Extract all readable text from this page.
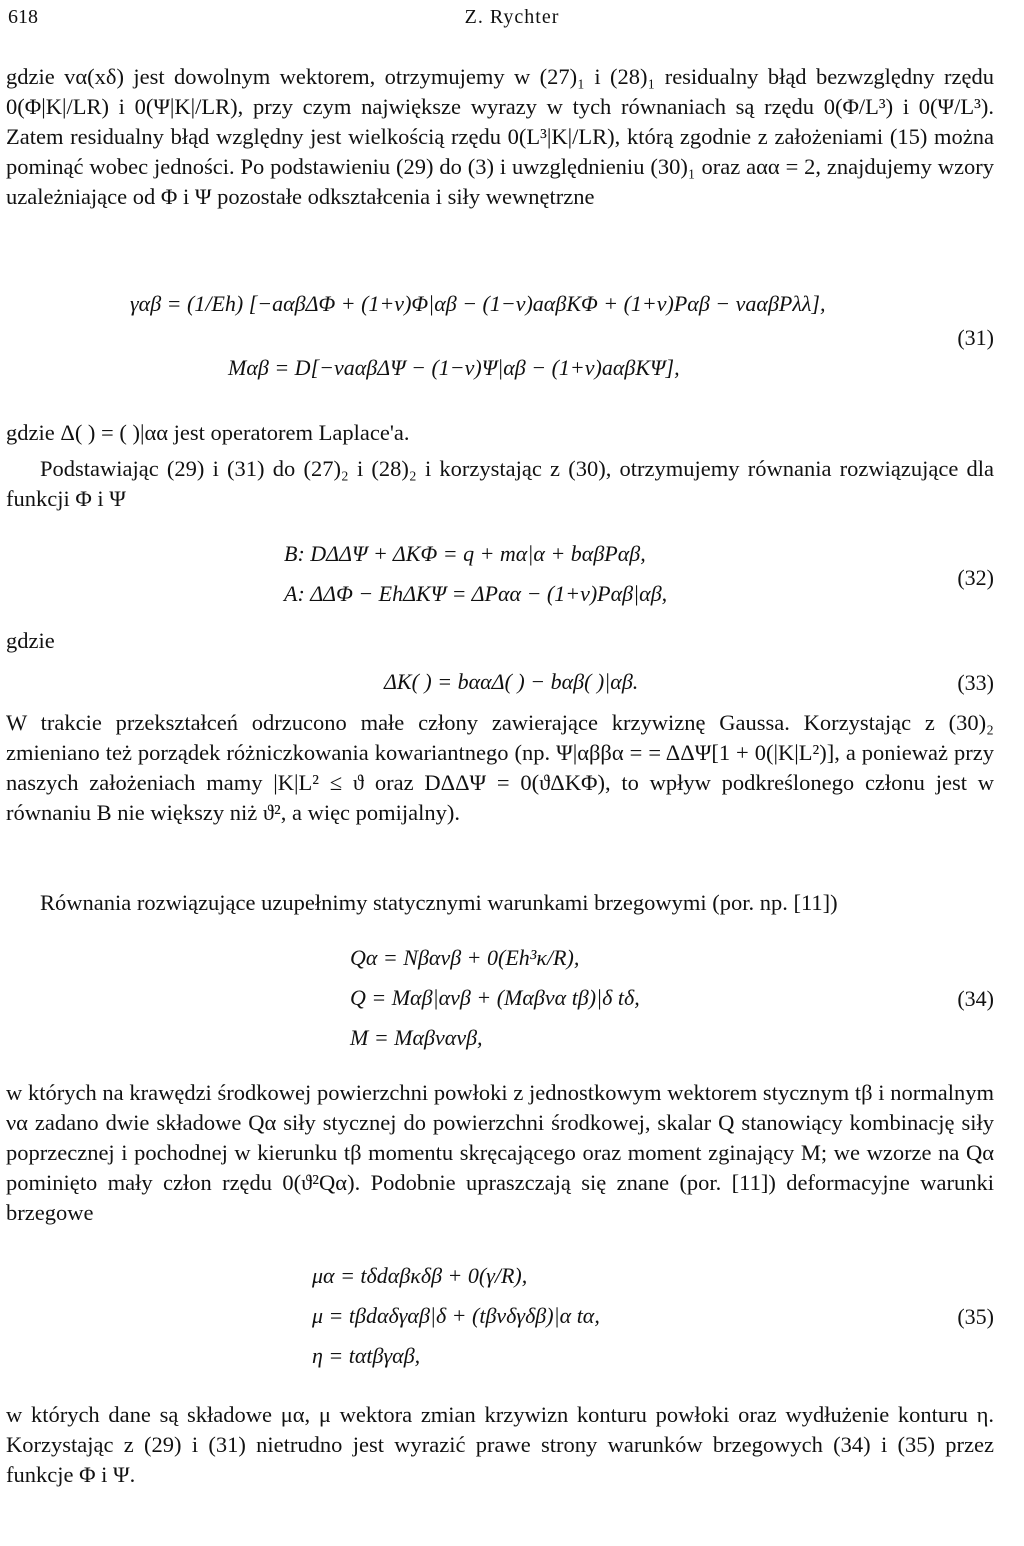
618	Z. Rychter

gdzie vα(xδ) jest dowolnym wektorem, otrzymujemy w (27)₁ i (28)₁ residualny błąd bezwzględny rzędu 0(Φ|K|/LR) i 0(Ψ|K|/LR), przy czym największe wyrazy w tych równaniach są rzędu 0(Φ/L³) i 0(Ψ/L³). Zatem residualny błąd względny jest wielkością rzędu 0(L³|K|/LR), którą zgodnie z założeniami (15) można pominąć wobec jedności. Po podstawieniu (29) do (3) i uwzględnieniu (30)₁ oraz aαα = 2, znajdujemy wzory uzależniające od Φ i Ψ pozostałe odkształcenia i siły wewnętrzne

γαβ = (1/Eh) [−aαβΔΦ + (1+ν)Φ|αβ − (1−ν)aαβKΦ + (1+ν)Pαβ − νaαβPλλ],
Mαβ = D[−νaαβΔΨ − (1−ν)Ψ|αβ − (1+ν)aαβKΨ],
(31)

gdzie Δ( ) = ( )|αα jest operatorem Laplace'a.

Podstawiając (29) i (31) do (27)₂ i (28)₂ i korzystając z (30), otrzymujemy równania rozwiązujące dla funkcji Φ i Ψ

B: DΔΔΨ + ΔKΦ = q + mα|α + bαβPαβ,
A: ΔΔΦ − EhΔKΨ = ΔPαα − (1+ν)Pαβ|αβ,
(32)
gdzie
ΔK( ) = bααΔ( ) − bαβ( )|αβ.	(33)

W trakcie przekształceń odrzucono małe człony zawierające krzywiznę Gaussa. Korzystając z (30)₂ zmieniano też porządek różniczkowania kowariantnego (np. Ψ|αββα = = ΔΔΨ[1 + 0(|K|L²)], a ponieważ przy naszych założeniach mamy |K|L² ≤ ϑ oraz DΔΔΨ = 0(ϑΔKΦ), to wpływ podkreślonego członu jest w równaniu B nie większy niż ϑ², a więc pomijalny).

Równania rozwiązujące uzupełnimy statycznymi warunkami brzegowymi (por. np. [11])

Qα = Nβανβ + 0(Eh³κ/R),
Q = Mαβ|ανβ + (Mαβνα tβ)|δ tδ,
M = Mαβνανβ,
(34)

w których na krawędzi środkowej powierzchni powłoki z jednostkowym wektorem stycznym tβ i normalnym να zadano dwie składowe Qα siły stycznej do powierzchni środkowej, skalar Q stanowiący kombinację siły poprzecznej i pochodnej w kierunku tβ momentu skręcającego oraz moment zginający M; we wzorze na Qα pominięto mały człon rzędu 0(ϑ²Qα). Podobnie upraszczają się znane (por. [11]) deformacyjne warunki brzegowe

μα = tδdαβκδβ + 0(γ/R),
μ = tβdαδγαβ|δ + (tβνδγδβ)|α tα,
η = tαtβγαβ,
(35)

w których dane są składowe μα, μ wektora zmian krzywizn konturu powłoki oraz wydłużenie konturu η. Korzystając z (29) i (31) nietrudno jest wyrazić prawe strony warunków brzegowych (34) i (35) przez funkcje Φ i Ψ.
